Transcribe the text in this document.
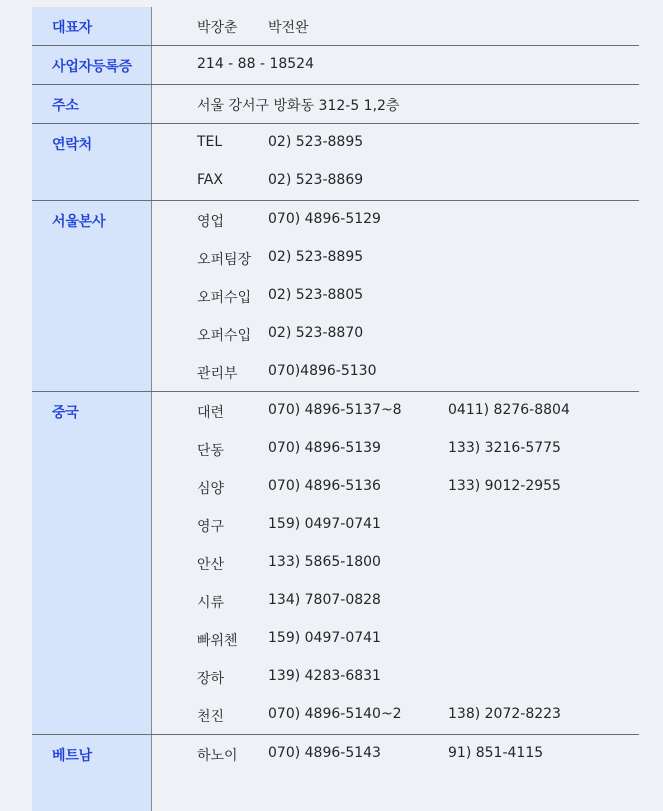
대표자	박장춘 박전완
사업자등록증	214 - 88 - 18524
주소	서울 강서구 방화동 312-5 1,2층
연락처	TEL	02) 523-8895
FAX	02) 523-8869
서울본사	영업	070) 4896-5129
오퍼팀장 02) 523-8895
오퍼수입 02) 523-8805
오퍼수입 02) 523-8870
관리부 070)4896-5130
중국	대련	070) 4896-5137~8	0411) 8276-8804
단동	070) 4896-5139	133) 3216-5775
심양	070) 4896-5136	133) 9012-2955
영구	159) 0497-0741
안산	133) 5865-1800
시류	134) 7807-0828
빠위첸 159) 0497-0741
장하	139) 4283-6831
천진	070) 4896-5140~2	138) 2072-8223
베트남	하노이 070) 4896-5143	91) 851-4115
